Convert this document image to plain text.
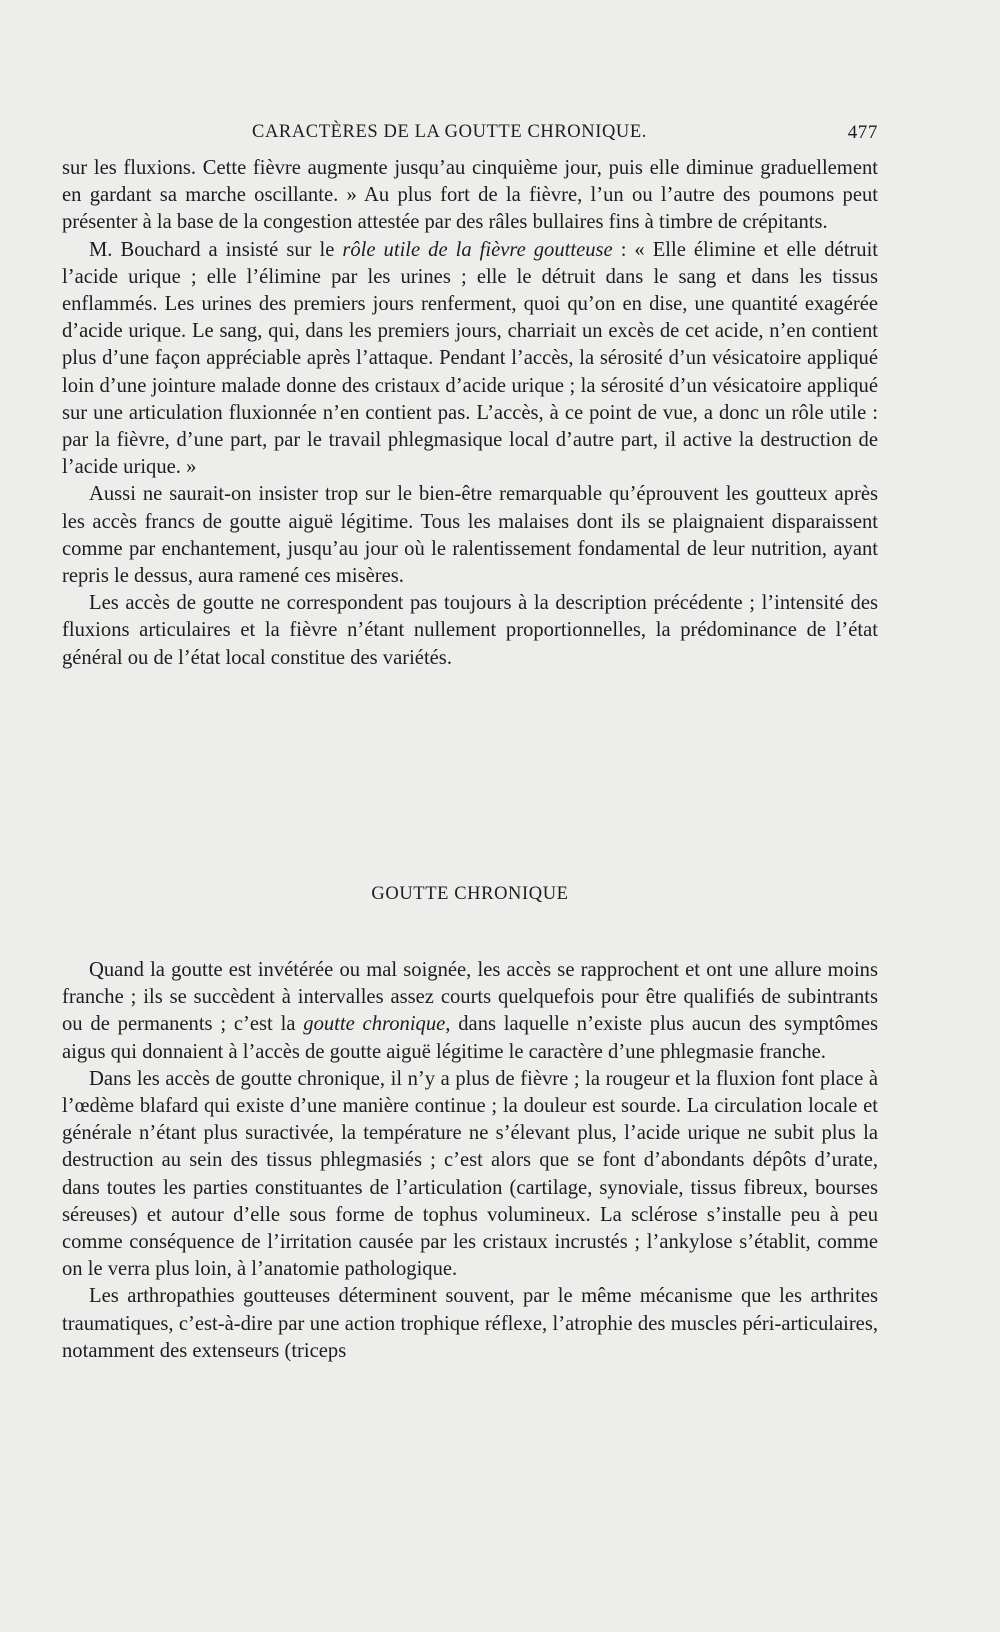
CARACTÈRES DE LA GOUTTE CHRONIQUE.	477

sur les fluxions. Cette fièvre augmente jusqu’au cinquième jour, puis elle diminue graduellement en gardant sa marche oscillante. » Au plus fort de la fièvre, l’un ou l’autre des poumons peut présenter à la base de la congestion attestée par des râles bullaires fins à timbre de crépitants.

M. Bouchard a insisté sur le rôle utile de la fièvre goutteuse : « Elle élimine et elle détruit l’acide urique ; elle l’élimine par les urines ; elle le détruit dans le sang et dans les tissus enflammés. Les urines des premiers jours renferment, quoi qu’on en dise, une quantité exagérée d’acide urique. Le sang, qui, dans les premiers jours, charriait un excès de cet acide, n’en contient plus d’une façon appréciable après l’attaque. Pendant l’accès, la sérosité d’un vésicatoire appliqué loin d’une jointure malade donne des cristaux d’acide urique ; la sérosité d’un vésicatoire appliqué sur une articulation fluxionnée n’en contient pas. L’accès, à ce point de vue, a donc un rôle utile : par la fièvre, d’une part, par le travail phlegmasique local d’autre part, il active la destruction de l’acide urique. »

Aussi ne saurait-on insister trop sur le bien-être remarquable qu’éprouvent les goutteux après les accès francs de goutte aiguë légitime. Tous les malaises dont ils se plaignaient disparaissent comme par enchantement, jusqu’au jour où le ralentissement fondamental de leur nutrition, ayant repris le dessus, aura ramené ces misères.

Les accès de goutte ne correspondent pas toujours à la description précédente ; l’intensité des fluxions articulaires et la fièvre n’étant nullement proportionnelles, la prédominance de l’état général ou de l’état local constitue des variétés.

GOUTTE CHRONIQUE

Quand la goutte est invétérée ou mal soignée, les accès se rapprochent et ont une allure moins franche ; ils se succèdent à intervalles assez courts quelquefois pour être qualifiés de subintrants ou de permanents ; c’est la goutte chronique, dans laquelle n’existe plus aucun des symptômes aigus qui donnaient à l’accès de goutte aiguë légitime le caractère d’une phlegmasie franche.

Dans les accès de goutte chronique, il n’y a plus de fièvre ; la rougeur et la fluxion font place à l’œdème blafard qui existe d’une manière continue ; la douleur est sourde. La circulation locale et générale n’étant plus suractivée, la température ne s’élevant plus, l’acide urique ne subit plus la destruction au sein des tissus phlegmasiés ; c’est alors que se font d’abondants dépôts d’urate, dans toutes les parties constituantes de l’articulation (cartilage, synoviale, tissus fibreux, bourses séreuses) et autour d’elle sous forme de tophus volumineux. La sclérose s’installe peu à peu comme conséquence de l’irritation causée par les cristaux incrustés ; l’ankylose s’établit, comme on le verra plus loin, à l’anatomie pathologique.

Les arthropathies goutteuses déterminent souvent, par le même mécanisme que les arthrites traumatiques, c’est-à-dire par une action trophique réflexe, l’atrophie des muscles péri-articulaires, notamment des extenseurs (triceps
